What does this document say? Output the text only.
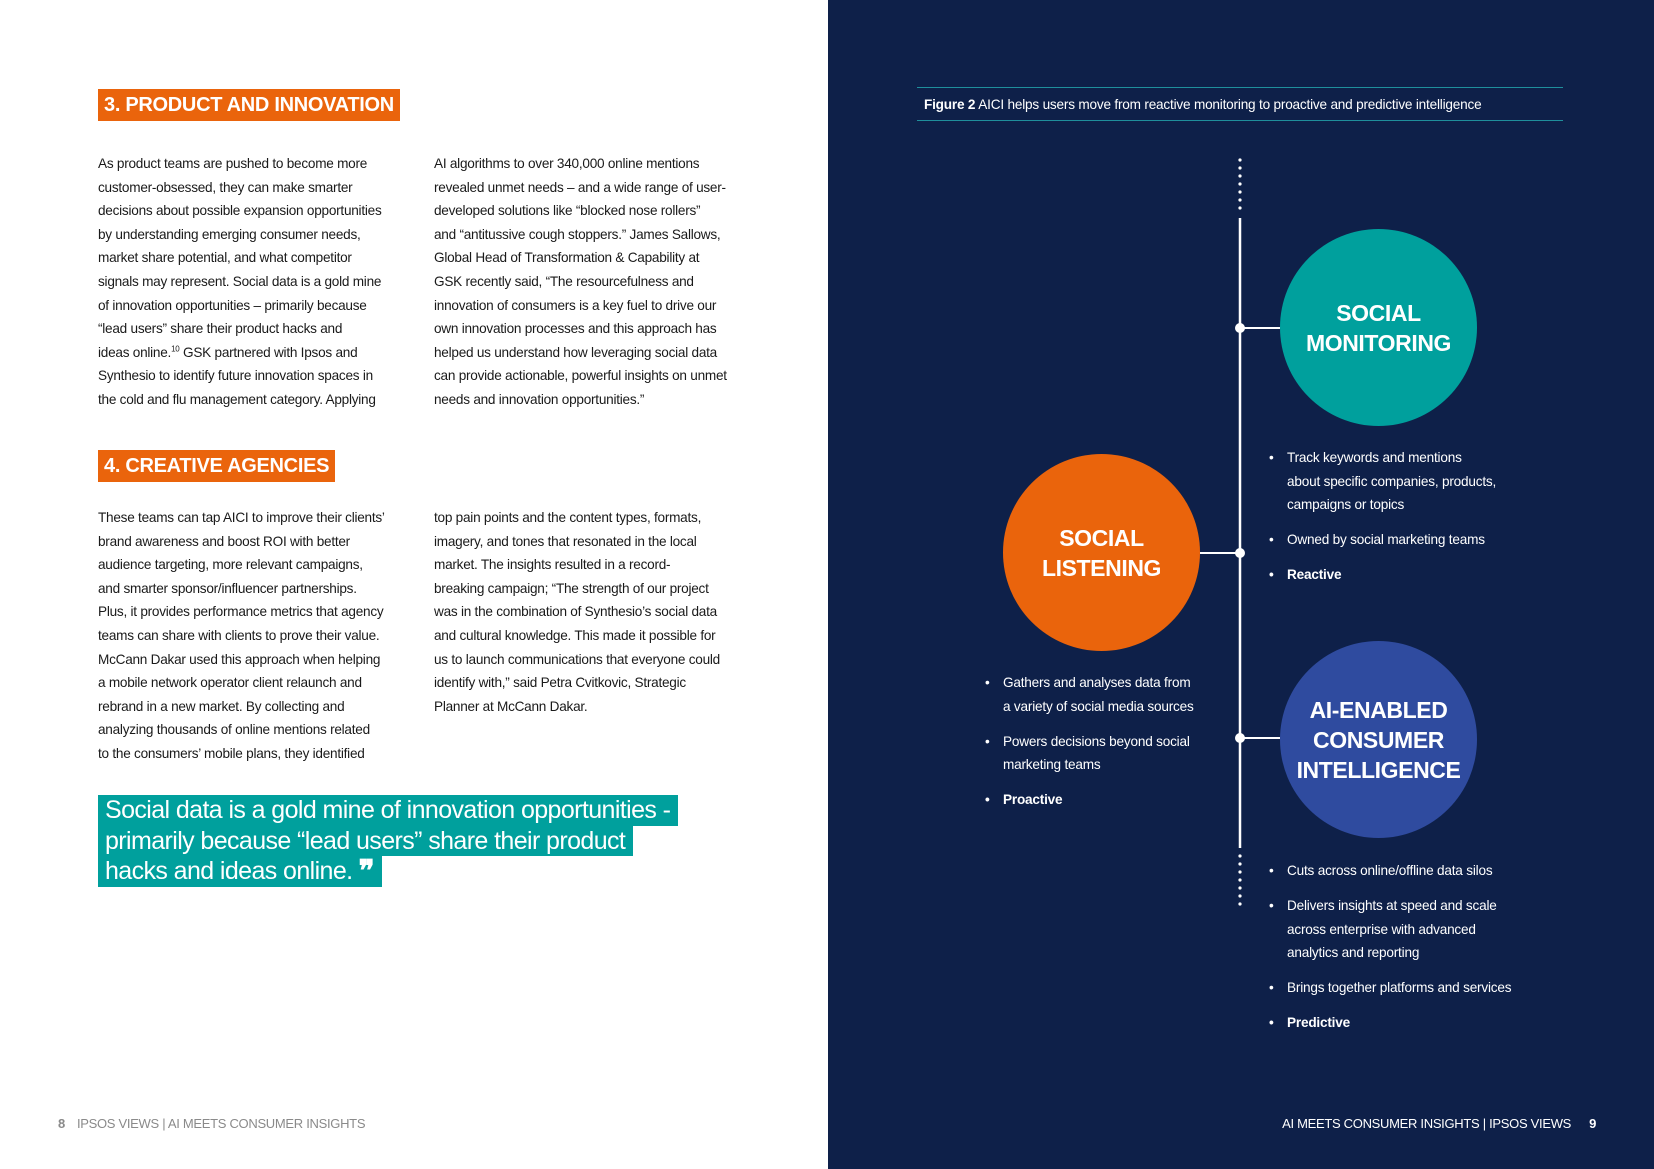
3. PRODUCT AND INNOVATION
As product teams are pushed to become more
customer-obsessed, they can make smarter
decisions about possible expansion opportunities
by understanding emerging consumer needs,
market share potential, and what competitor
signals may represent. Social data is a gold mine
of innovation opportunities – primarily because
“lead users” share their product hacks and
ideas online.$^{10}$ GSK partnered with Ipsos and
Synthesio to identify future innovation spaces in
the cold and flu management category. Applying
AI algorithms to over 340,000 online mentions
revealed unmet needs – and a wide range of user-
developed solutions like “blocked nose rollers”
and “antitussive cough stoppers.” James Sallows,
Global Head of Transformation & Capability at
GSK recently said, “The resourcefulness and
innovation of consumers is a key fuel to drive our
own innovation processes and this approach has
helped us understand how leveraging social data
can provide actionable, powerful insights on unmet
needs and innovation opportunities.”
4. CREATIVE AGENCIES
These teams can tap AICI to improve their clients’
brand awareness and boost ROI with better
audience targeting, more relevant campaigns,
and smarter sponsor/influencer partnerships.
Plus, it provides performance metrics that agency
teams can share with clients to prove their value.
McCann Dakar used this approach when helping
a mobile network operator client relaunch and
rebrand in a new market. By collecting and
analyzing thousands of online mentions related
to the consumers’ mobile plans, they identified
top pain points and the content types, formats,
imagery, and tones that resonated in the local
market. The insights resulted in a record-
breaking campaign; “The strength of our project
was in the combination of Synthesio’s social data
and cultural knowledge. This made it possible for
us to launch communications that everyone could
identify with,” said Petra Cvitkovic, Strategic
Planner at McCann Dakar.
Social data is a gold mine of innovation opportunities -
primarily because “lead users” share their product
hacks and ideas online. ❞
8 IPSOS VIEWS | AI MEETS CONSUMER INSIGHTS
Figure 2 AICI helps users move from reactive monitoring to proactive and predictive intelligence
SOCIAL
MONITORING
SOCIAL
LISTENING
AI-ENABLED
CONSUMER
INTELLIGENCE
• Track keywords and mentions
about specific companies, products,
campaigns or topics
• Owned by social marketing teams
• Reactive
• Gathers and analyses data from
a variety of social media sources
• Powers decisions beyond social
marketing teams
• Proactive
• Cuts across online/offline data silos
• Delivers insights at speed and scale
across enterprise with advanced
analytics and reporting
• Brings together platforms and services
• Predictive
AI MEETS CONSUMER INSIGHTS | IPSOS VIEWS 9
